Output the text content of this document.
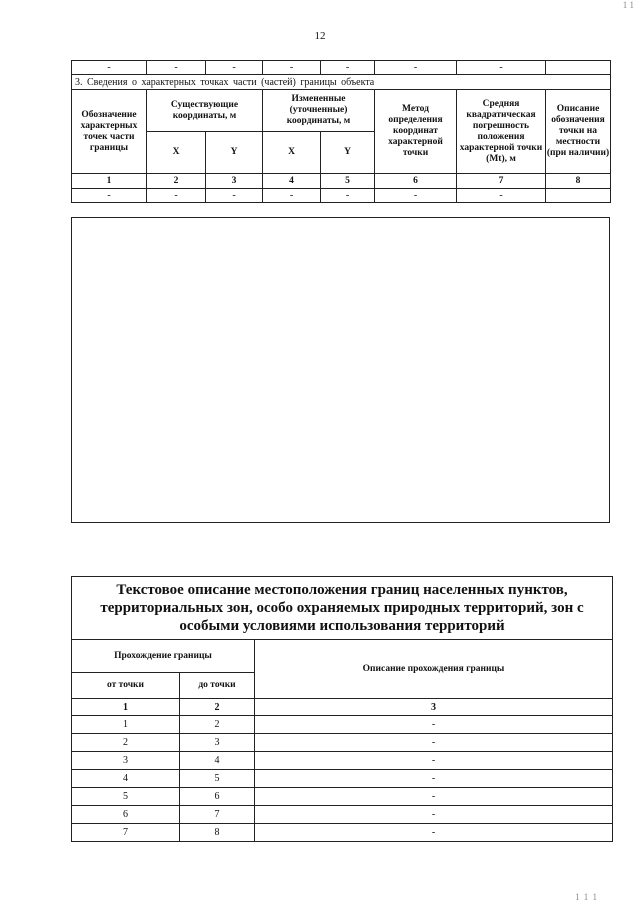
1 1
12
-	-	-	-	-	-	-	
3. Сведения о характерных точках части (частей) границы объекта							
Обозначение характерных точек части границы	Существующие координаты, м		Измененные (уточненные) координаты, м		Метод определения координат характерной точки	Средняя квадратическая погрешность положения характерной точки (Mt), м	Описание обозначения точки на местности (при наличии)
	X	Y	X	Y			
1	2	3	4	5	6	7	8
-	-	-	-	-	-	-	
Текстовое описание местоположения границ населенных пунктов, территориальных зон, особо охраняемых природных территорий, зон с особыми условиями использования территорий		
Прохождение границы		Описание прохождения границы
от точки	до точки	
1	2	3
1	2	-
2	3	-
3	4	-
4	5	-
5	6	-
6	7	-
7	8	-
1 1 1
